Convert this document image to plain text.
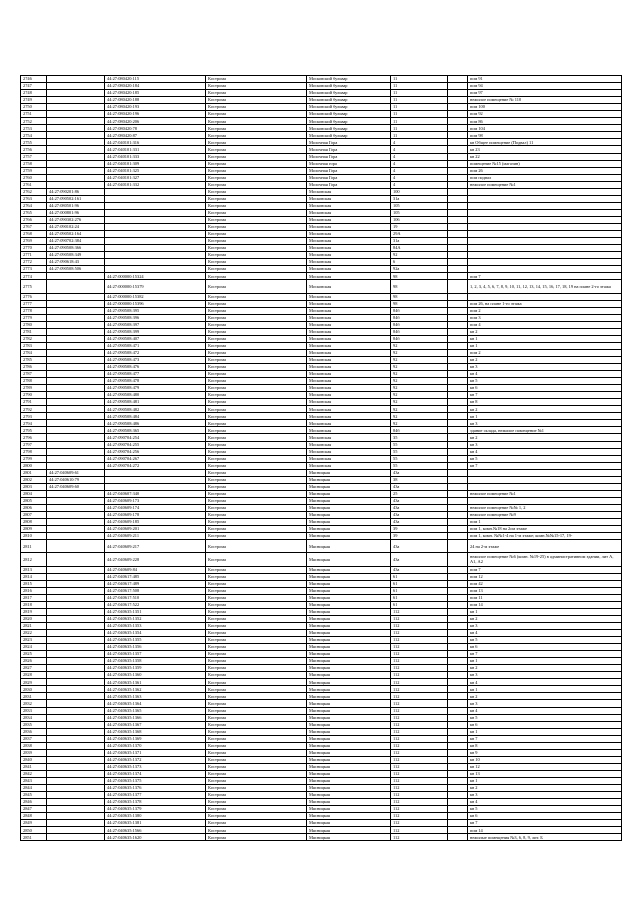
2746		44:27:080420:115	Кострома	Московский бульвар	11		пом 91
2747		44:27:080420:184	Кострома	Московский бульвар	11		пом 94
2748		44:27:080420:185	Кострома	Московский бульвар	11		пом 97
2749		44:27:080420:188	Кострома	Московский бульвар	11		нежилое помещение № 110
2750		44:27:080420:193	Кострома	Московский бульвар	11		пом 100
2751		44:27:080420:196	Кострома	Московский бульвар	11		пом 92
2752		44:27:080420:206	Кострома	Московский бульвар	11		пом 86
2753		44:27:080420:78	Кострома	Московский бульвар	11		пом 104
2754		44:27:080420:87	Кострома	Московский бульвар	11		пом 98
2755		44:27:040101:316	Кострома	Молочная Гора	4		кв Общее помещение (Подвал) 11
2756		44:27:040101:331	Кострома	Молочная Гора	4		кв 23
2757		44:27:040101:333	Кострома	Молочная Гора	4		кв 22
2758		44:27:040101:309	Кострома	Молочная гора	4		помещение №15 (магазин)
2759		44:27:040101:325	Кострома	Молочная Гора	4		пом 26
2760		44:27:040101:327	Кострома	Молочная Гора	4		пом подвал
2761		44:27:040101:332	Кострома	Молочная Гора	4		нежилое помещение №1
2762	44:27:090201:86		Кострома	Московская	100		
2763	44:27:090502:161		Кострома	Московская	31а		
2764	44:27:080501:96		Кострома	Московская	105		
2765	44:27:000801:96		Кострома	Московская	105		
2766	44:27:090302:276		Кострома	Московская	106		
2767	44:27:090102:24		Кострома	Московская	19		
2768	44:27:090502:164		Кострома	Московская	29А		
2769	44:27:090702:384		Кострома	Московская	31а		
2770	44:27:090508:366		Кострома	Московская	84А		
2771	44:27:090508:349		Кострома	Московская	92		
2772	44:27:090618:43		Кострома	Московская	6		
2773	44:27:090508:506		Кострома	Московская	92а		
2774		44:27:000000:15324	Кострома	Московская	98		пом 7
2775		44:27:000000:15379	Кострома	Московская	98		1, 2, 3, 4, 5, 6, 7, 8, 9, 10, 11, 12, 13, 14, 15, 16, 17, 18, 19 на плане 2-го этажа
2776		44:27:000000:15382	Кострома	Московская	98		
2777		44:27:000000:15396	Кострома	Московская	98		пом 26, на плане 1-го этажа
2778		44:27:090508:395	Кострома	Московская	84б		пом 2
2779		44:27:090508:396	Кострома	Московская	84б		пом 3
2780		44:27:090508:397	Кострома	Московская	84б		пом 4
2781		44:27:090508:399	Кострома	Московская	84б		кв 2
2782		44:27:090508:407	Кострома	Московская	84б		кв 1
2783		44:27:090508:471	Кострома	Московская	92		кв 1
2784		44:27:090508:472	Кострома	Московская	92		пом 2
2785		44:27:090508:473	Кострома	Московская	92		кв 2
2786		44:27:090508:476	Кострома	Московская	92		кв 3
2787		44:27:090508:477	Кострома	Московская	92		кв 4
2788		44:27:090508:478	Кострома	Московская	92		кв 5
2789		44:27:090508:479	Кострома	Московская	92		кв 6
2790		44:27:090508:480	Кострома	Московская	92		кв 7
2791		44:27:090508:481	Кострома	Московская	92		кв 8
2792		44:27:090508:482	Кострома	Московская	92		кв 2
2793		44:27:090508:484	Кострома	Московская	92		кв 1
2794		44:27:090508:486	Кострома	Московская	92		кв 3
2795		44:27:090508:365	Кострома	Московская	84б		здание склада, нежилое помещение №1
2796		44:27:090704:254	Кострома	Московская	35		кв 2
2797		44:27:090704:255	Кострома	Московская	55		кв 3
2798		44:27:090704:256	Кострома	Московская	55		кв 4
2799		44:27:090704:267	Кострома	Московская	55		кв 5
2800		44:27:090704:272	Кострома	Московская	55		кв 7
2801	44:27:040609:61		Кострома	Мясницкая	43а		
2802	44:27:040610:79		Кострома	Мясницкая	38		
2803	44:27:040609:60		Кострома	Мясницкая	43а		
2804		44:27:040607:340	Кострома	Мясницкая	25		нежилое помещение №1
2805		44:27:040609:173	Кострома	Мясницкая	43а		
2806		44:27:040609:174	Кострома	Мясницкая	43а		нежилое помещение №№ 1, 2
2807		44:27:040609:178	Кострома	Мясницкая	43а		нежилое помещение №9
2808		44:27:040609:185	Кострома	Мясницкая	43а		пом 1
2809		44:27:040609:201	Кострома	Мясницкая	39		пом 1, комн.№18 на 2ом этаже
2810		44:27:040609:211	Кострома	Мясницкая	39		пом 1, комн. №№1-4 на 1-м этаже; комн.№№15-17, 19-
2811		44:27:040609:217	Кострома	Мясницкая	43а		24 на 2-м этаже
2812		44:27:040609:228	Кострома	Мясницкая	43а		нежилое помещение №6 (комн. №19-25) в административном здании, лит А, А1, А2
2813		44:27:040609:84	Кострома	Мясницкая	43а		пом 7
2814		44:27:040617:485	Кострома	Мясницкая	61		пом 12
2815		44:27:040617:489	Кострома	Мясницкая	61		пом 42
2816		44:27:040617:508	Кострома	Мясницкая	61		пом 13
2817		44:27:040617:510	Кострома	Мясницкая	61		пом 11
2818		44:27:040617:522	Кострома	Мясницкая	61		пом 14
2819		44:27:040635:1351	Кострома	Мясницкая	112		кв 1
2820		44:27:040635:1352	Кострома	Мясницкая	112		кв 2
2821		44:27:040635:1353	Кострома	Мясницкая	112		кв 3
2822		44:27:040635:1354	Кострома	Мясницкая	112		кв 4
2823		44:27:040635:1355	Кострома	Мясницкая	112		кв 5
2824		44:27:040635:1356	Кострома	Мясницкая	112		кв 6
2825		44:27:040635:1357	Кострома	Мясницкая	112		кв 7
2826		44:27:040635:1358	Кострома	Мясницкая	112		кв 1
2827		44:27:040635:1359	Кострома	Мясницкая	112		кв 2
2828		44:27:040635:1360	Кострома	Мясницкая	112		кв 3
2829		44:27:040635:1361	Кострома	Мясницкая	112		кв 4
2830		44:27:040635:1362	Кострома	Мясницкая	112		кв 1
2831		44:27:040635:1363	Кострома	Мясницкая	112		кв 2
2832		44:27:040635:1364	Кострома	Мясницкая	112		кв 3
2833		44:27:040635:1365	Кострома	Мясницкая	112		кв 4
2834		44:27:040635:1366	Кострома	Мясницкая	112		кв 5
2835		44:27:040635:1367	Кострома	Мясницкая	112		кв 6
2836		44:27:040635:1368	Кострома	Мясницкая	112		кв 1
2837		44:27:040635:1369	Кострома	Мясницкая	112		кв 7
2838		44:27:040635:1370	Кострома	Мясницкая	112		кв 8
2839		44:27:040635:1371	Кострома	Мясницкая	112		кв 9
2840		44:27:040635:1372	Кострома	Мясницкая	112		кв 10
2841		44:27:040635:1373	Кострома	Мясницкая	112		кв 12
2842		44:27:040635:1374	Кострома	Мясницкая	112		кв 13
2843		44:27:040635:1375	Кострома	Мясницкая	112		кв 1
2844		44:27:040635:1376	Кострома	Мясницкая	112		кв 2
2845		44:27:040635:1377	Кострома	Мясницкая	112		кв 3
2846		44:27:040635:1378	Кострома	Мясницкая	112		кв 4
2847		44:27:040635:1379	Кострома	Мясницкая	112		кв 5
2848		44:27:040635:1380	Кострома	Мясницкая	112		кв 6
2849		44:27:040635:1381	Кострома	Мясницкая	112		кв 7
2850		44:27:040635:1566	Кострома	Мясницкая	112		пом 14
2851		44:27:040635:1620	Кострома	Мясницкая	112		нежилые помещения №3, 6, 8, 9, лит. Б
